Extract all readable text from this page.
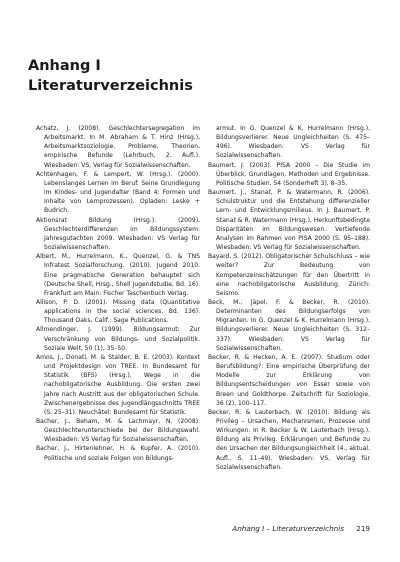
Anhang I
Literaturverzeichnis

Achatz, J. (2008). Geschlechtersegregation im Arbeitsmarkt. In M. Abraham & T. Hinz (Hrsg.), Arbeitsmarktsoziologie. Probleme, Theorien, empirische Befunde (Lehrbuch, 2. Aufl.). Wiesbaden: VS, Verlag für Sozialwissenschaften.

Achtenhagen, F. & Lempert, W. (Hrsg.). (2000). Lebenslanges Lernen im Beruf. Seine Grundlegung im Kindes- und Jugendalter (Band 4: Formen und Inhalte von Lernprozessen). Opladen: Leske + Budrich.

Aktionsrat Bildung (Hrsg.). (2009). Geschlechterdifferenzen im Bildungssystem: Jahresgutachten 2009. Wiesbaden: VS Verlag für Sozialwissenschaften.

Albert, M., Hurrelmann, K., Quenzel, G. & TNS Infratest Sozialforschung. (2010). Jugend 2010. Eine pragmatische Generation behauptet sich (Deutsche Shell, Hrsg., Shell Jugendstudie, Bd. 16). Frankfurt am Main: Fischer Taschenbuch Verlag.

Allison, P. D. (2001). Missing data (Quantitative applications in the social sciences, Bd. 136). Thousand Oaks, Calif.: Sage Publications.

Allmendinger, J. (1999). Bildungsarmut: Zur Verschränkung von Bildungs- und Sozialpolitik. Soziale Welt, 50 (1), 35–50.

Amos, J., Donati, M. & Stalder, B. E. (2003). Kontext und Projektdesign von TREE. In Bundesamt für Statistik (BFS) (Hrsg.), Wege in die nachobligatorische Ausbildung. Die ersten zwei Jahre nach Austritt aus der obligatorischen Schule. Zwischenergebnisse des Jugendlängsschnitts TREE (S. 25–31). Neuchâtel: Bundesamt für Statistik.

Bacher, J., Beham, M. & Lachmayr, N. (2008). Geschlechterunterschiede bei der Bildungswahl. Wiesbaden: VS Verlag für Sozialwissenschaften.

Bacher, J., Hirtenlehner, H. & Kupfer, A. (2010). Politische und soziale Folgen von Bildungs-

armut. In G. Quenzel & K. Hurrelmann (Hrsg.), Bildungsverlierer. Neue Ungleichheiten (S. 475–496). Wiesbaden: VS Verlag für Sozialwissenschaften.

Baumert, J. (2003). PISA 2000 – Die Studie im Überblick. Grundlagen, Methoden und Ergebnisse. Politische Studien, 54 (Sonderheft 3), 8–35.

Baumert, J., Stanat, P. & Watermann, R. (2006). Schulstruktur und die Entstehung differenzieller Lern- und Entwicklungsmilieus. In J. Baumert, P. Stanat & R. Watermann (Hrsg.), Herkunftsbedingte Disparitäten im Bildungswesen. Vertiefende Analysen im Rahmen von PISA 2000 (S. 95–188). Wiesbaden: VS Verlag für Sozialwissenschaften.

Bayard, S. (2012). Obligatorischer Schulschluss – wie weiter? Zur Bedeutung von Kompetenzeinschätzungen für den Übertritt in eine nachobligatorische Ausbildung. Zürich: Seismo.

Beck, M., Jäpel, F. & Becker, R. (2010). Determinanten des Bildungserfolgs von Migranten. In G. Quenzel & K. Hurrelmann (Hrsg.), Bildungsverlierer. Neue Ungleichheiten (S. 312–337). Wiesbaden: VS Verlag für Sozialwissenschaften.

Becker, R. & Hecken, A. E. (2007). Studium oder Berufsbildung?: Eine empirische Überprüfung der Modelle zur Erklärung von Bildungsentscheidungen von Esser sowie von Breen und Goldthorpe. Zeitschrift für Soziologie, 36 (2), 100–117.

Becker, R. & Lauterbach, W. (2010). Bildung als Privileg – Ursachen, Mechanismen, Prozesse und Wirkungen. In R. Becker & W. Lauterbach (Hrsg.), Bildung als Privileg. Erklärungen und Befunde zu den Ursachen der Bildungsungleichheit (4., aktual. Aufl., S. 11–49). Wiesbaden: VS, Verlag für Sozialwissenschaften.

Anhang I – Literaturverzeichnis 219
